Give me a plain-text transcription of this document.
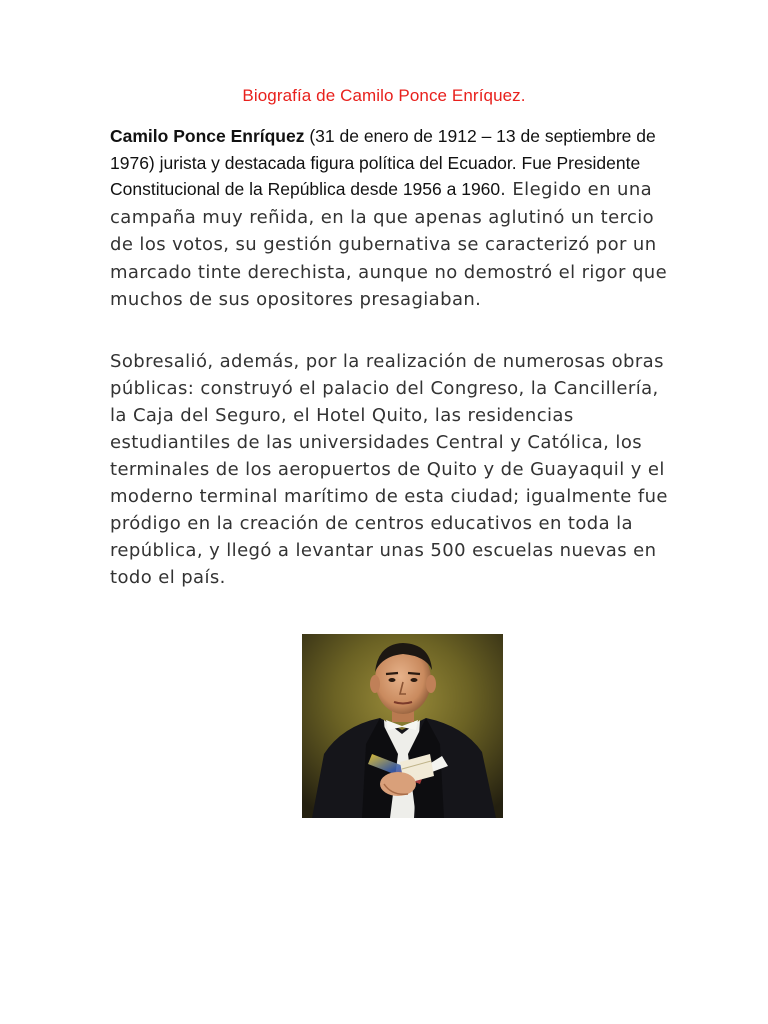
Biografía de Camilo Ponce Enríquez.
Camilo Ponce Enríquez (31 de enero de 1912 – 13 de septiembre de 1976) jurista y destacada figura política del Ecuador. Fue Presidente Constitucional de la República desde 1956 a 1960. Elegido en una campaña muy reñida, en la que apenas aglutinó un tercio de los votos, su gestión gubernativa se caracterizó por un marcado tinte derechista, aunque no demostró el rigor que muchos de sus opositores presagiaban.
Sobresalió, además, por la realización de numerosas obras públicas: construyó el palacio del Congreso, la Cancillería, la Caja del Seguro, el Hotel Quito, las residencias estudiantiles de las universidades Central y Católica, los terminales de los aeropuertos de Quito y de Guayaquil y el moderno terminal marítimo de esta ciudad; igualmente fue pródigo en la creación de centros educativos en toda la república, y llegó a levantar unas 500 escuelas nuevas en todo el país.
